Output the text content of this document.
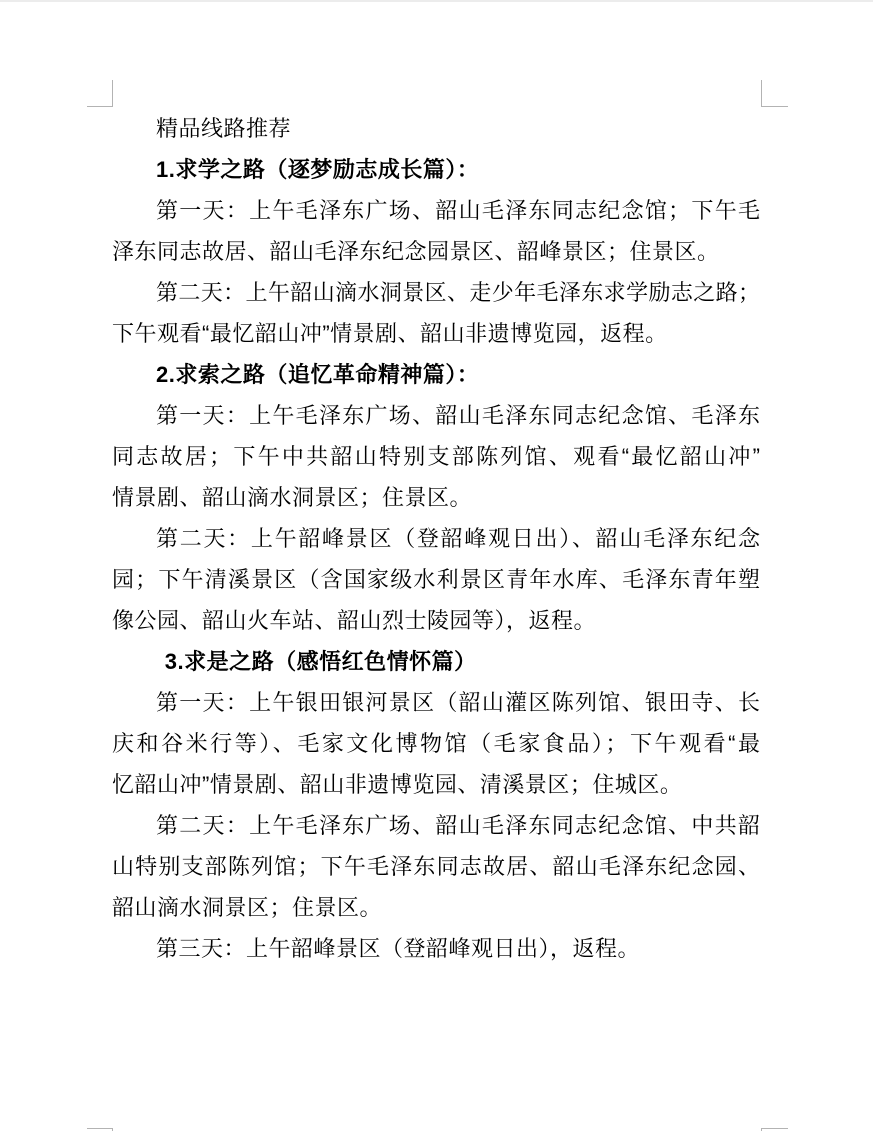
精品线路推荐
1.求学之路（逐梦励志成长篇）：
第一天：上午毛泽东广场、韶山毛泽东同志纪念馆；下午毛
泽东同志故居、韶山毛泽东纪念园景区、韶峰景区；住景区。
第二天：上午韶山滴水洞景区、走少年毛泽东求学励志之路；
下午观看“最忆韶山冲”情景剧、韶山非遗博览园，返程。
2.求索之路（追忆革命精神篇）：
第一天：上午毛泽东广场、韶山毛泽东同志纪念馆、毛泽东
同志故居；下午中共韶山特别支部陈列馆、观看“最忆韶山冲”
情景剧、韶山滴水洞景区；住景区。
第二天：上午韶峰景区（登韶峰观日出）、韶山毛泽东纪念
园；下午清溪景区（含国家级水利景区青年水库、毛泽东青年塑
像公园、韶山火车站、韶山烈士陵园等），返程。
3.求是之路（感悟红色情怀篇）
第一天：上午银田银河景区（韶山灌区陈列馆、银田寺、长
庆和谷米行等）、毛家文化博物馆（毛家食品）；下午观看“最
忆韶山冲”情景剧、韶山非遗博览园、清溪景区；住城区。
第二天：上午毛泽东广场、韶山毛泽东同志纪念馆、中共韶
山特别支部陈列馆；下午毛泽东同志故居、韶山毛泽东纪念园、
韶山滴水洞景区；住景区。
第三天：上午韶峰景区（登韶峰观日出），返程。
